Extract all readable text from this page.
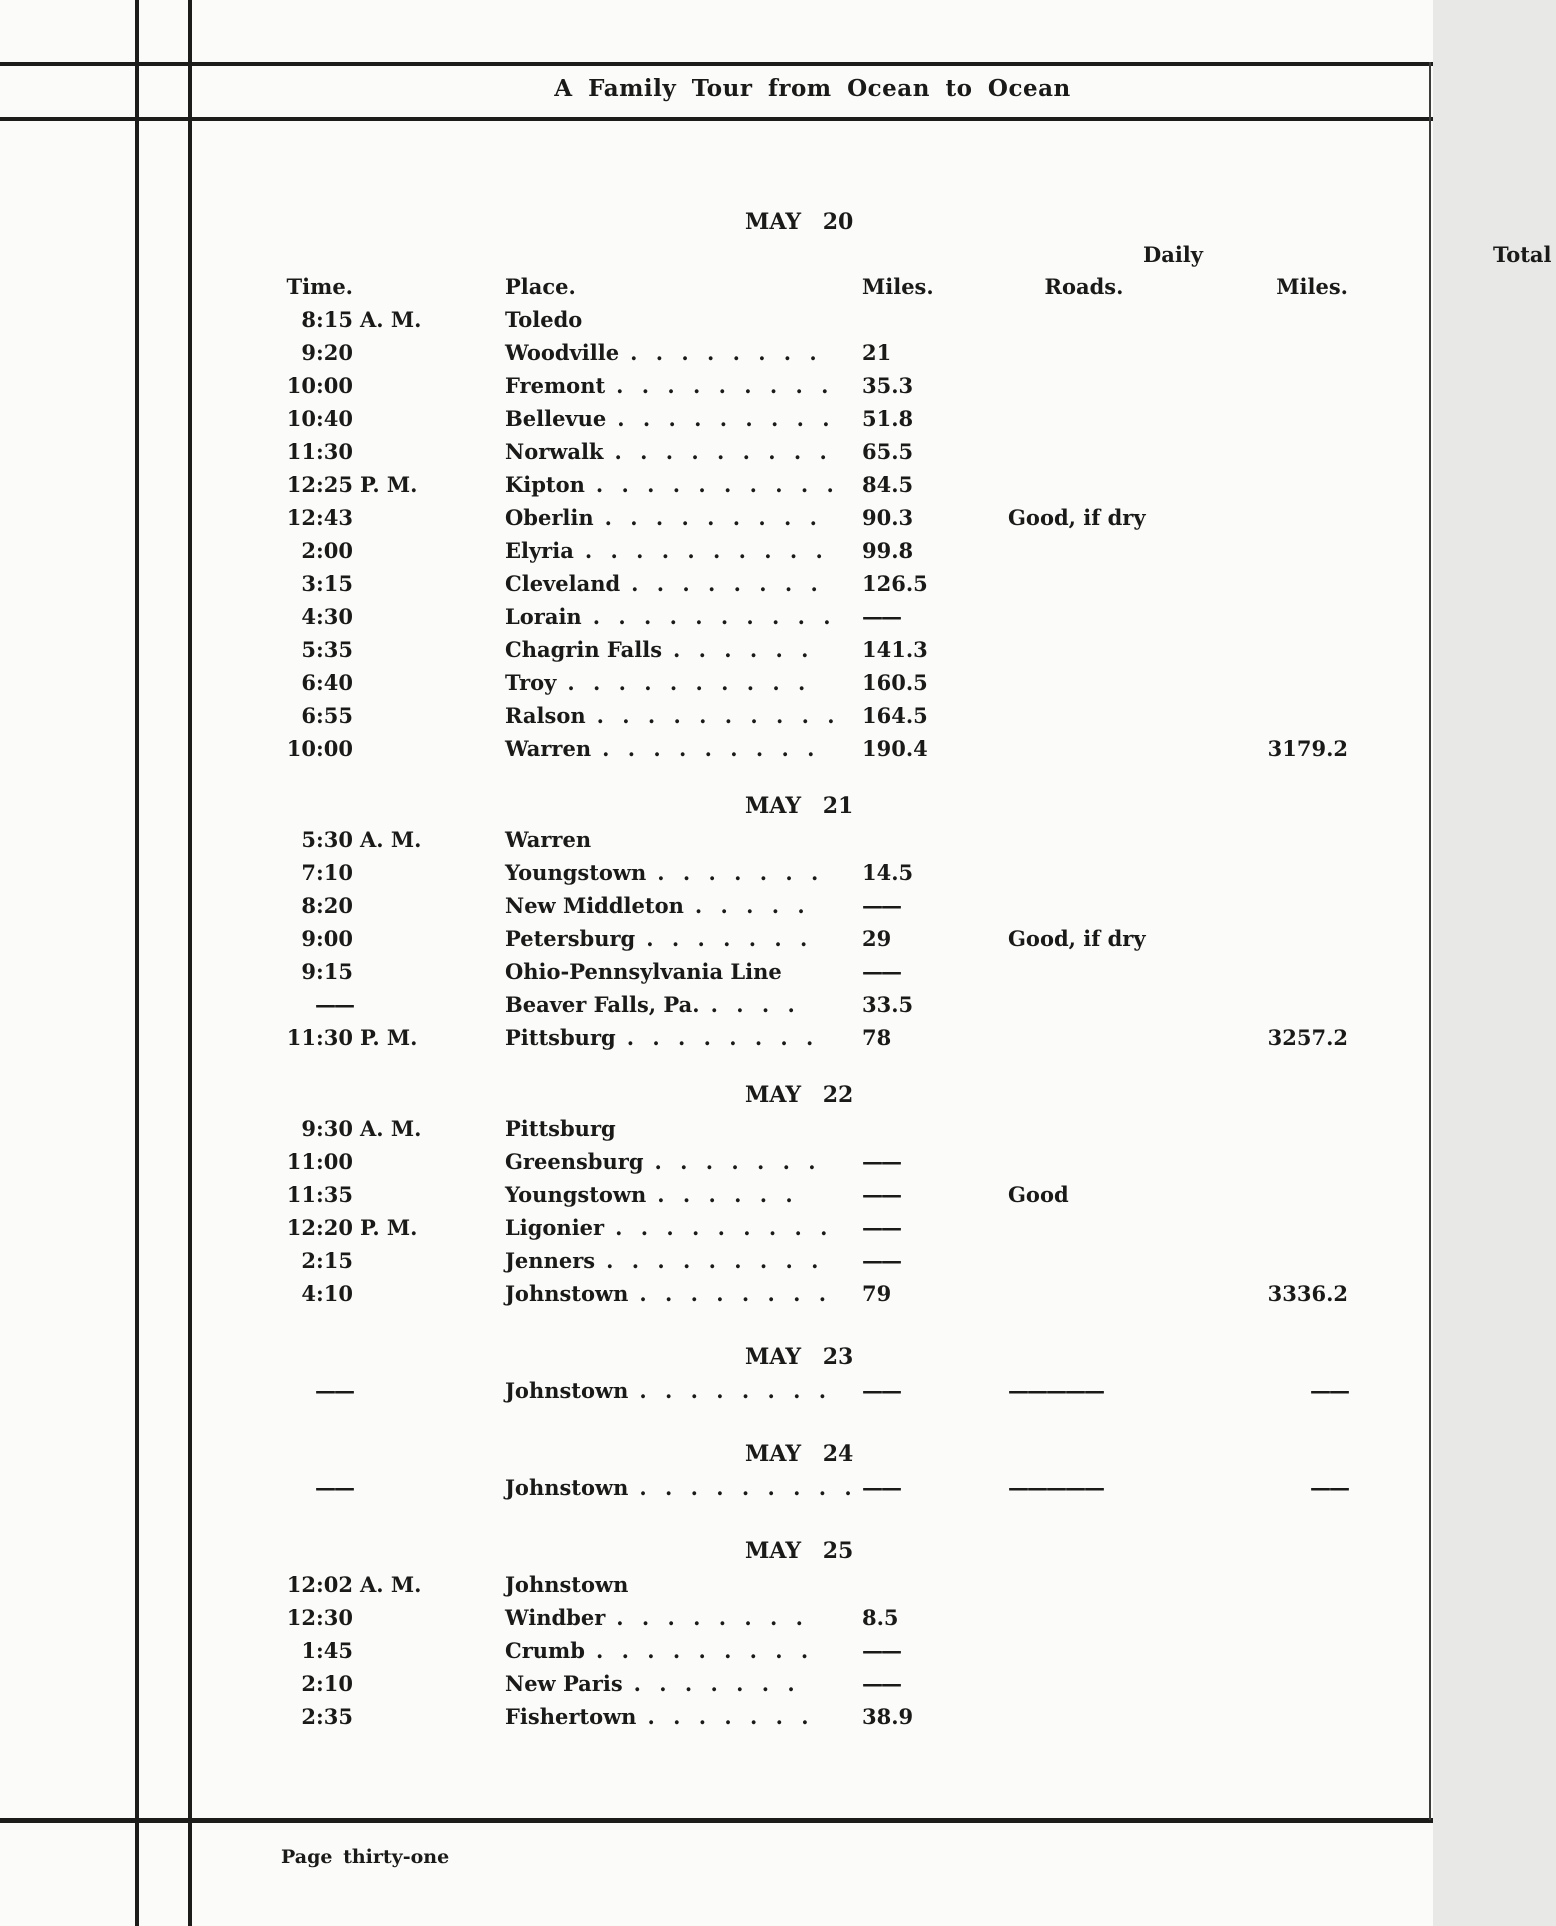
A Family Tour from Ocean to Ocean
MAY 20
Daily	Total
Time.	Place.	Miles.	Roads.	Miles.
8:15 A. M.	Toledo
9:20	Woodville . . . . . . . .	21
10:00	Fremont . . . . . . . . .	35.3
10:40	Bellevue . . . . . . . . .	51.8
11:30	Norwalk . . . . . . . . .	65.5
12:25 P. M.	Kipton . . . . . . . . . .	84.5
12:43	Oberlin . . . . . . . . .	90.3	Good, if dry
2:00	Elyria . . . . . . . . . .	99.8
3:15	Cleveland . . . . . . . .	126.5
4:30	Lorain . . . . . . . . . .	——
5:35	Chagrin Falls . . . . . .	141.3
6:40	Troy . . . . . . . . . .	160.5
6:55	Ralson . . . . . . . . . .	164.5
10:00	Warren . . . . . . . . .	190.4	3179.2
MAY 21
5:30 A. M.	Warren
7:10	Youngstown . . . . . . .	14.5
8:20	New Middleton . . . . .	——
9:00	Petersburg . . . . . . .	29	Good, if dry
9:15	Ohio-Pennsylvania Line	——
——	Beaver Falls, Pa. . . . .	33.5
11:30 P. M.	Pittsburg . . . . . . . .	78	3257.2
MAY 22
9:30 A. M.	Pittsburg
11:00	Greensburg . . . . . . .	——
11:35	Youngstown . . . . . .	——	Good
12:20 P. M.	Ligonier . . . . . . . . .	——
2:15	Jenners . . . . . . . . .	——
4:10	Johnstown . . . . . . . .	79	3336.2
MAY 23
——	Johnstown . . . . . . . .	——	—————	——
MAY 24
——	Johnstown . . . . . . . . . ——	—————	——
MAY 25
12:02 A. M.	Johnstown
12:30	Windber . . . . . . . .	8.5
1:45	Crumb . . . . . . . . .	——
2:10	New Paris . . . . . . .	——
2:35	Fishertown . . . . . . .	38.9
Page thirty-one
